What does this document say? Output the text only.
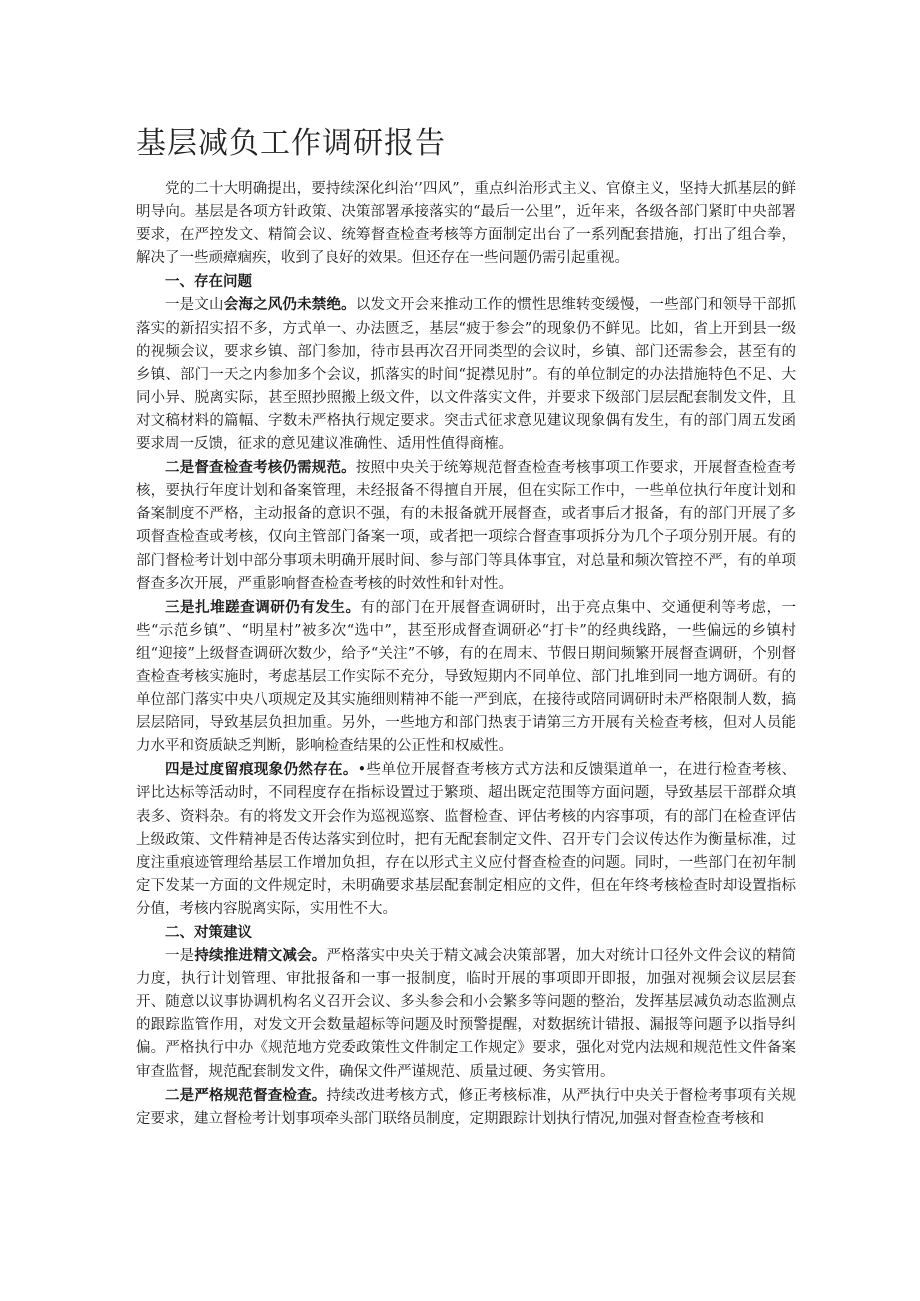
基层减负工作调研报告

党的二十大明确提出，要持续深化纠治‘’四风”，重点纠治形式主义、官僚主义，坚持大抓基层的鲜明导向。基层是各项方针政策、决策部署承接落实的“最后一公里”，近年来，各级各部门紧盯中央部署要求，在严控发文、精简会议、统筹督查检查考核等方面制定出台了一系列配套措施，打出了组合拳，解决了一些顽瘴痼疾，收到了良好的效果。但还存在一些问题仍需引起重视。

一、存在问题

一是文山会海之风仍未禁绝。以发文开会来推动工作的惯性思维转变缓慢，一些部门和领导干部抓落实的新招实招不多，方式单一、办法匮乏，基层“疲于参会”的现象仍不鲜见。比如，省上开到县一级的视频会议，要求乡镇、部门参加，待市县再次召开同类型的会议时，乡镇、部门还需参会，甚至有的乡镇、部门一天之内参加多个会议，抓落实的时间“捉襟见肘”。有的单位制定的办法措施特色不足、大同小异、脱离实际，甚至照抄照搬上级文件，以文件落实文件，并要求下级部门层层配套制发文件，且对文稿材料的篇幅、字数未严格执行规定要求。突击式征求意见建议现象偶有发生，有的部门周五发函要求周一反馈，征求的意见建议准确性、适用性值得商榷。

二是督查检查考核仍需规范。按照中央关于统筹规范督查检查考核事项工作要求，开展督查检查考核，要执行年度计划和备案管理，未经报备不得擅自开展，但在实际工作中，一些单位执行年度计划和备案制度不严格，主动报备的意识不强，有的未报备就开展督查，或者事后才报备，有的部门开展了多项督查检查或考核，仅向主管部门备案一项，或者把一项综合督查事项拆分为几个子项分别开展。有的部门督检考计划中部分事项未明确开展时间、参与部门等具体事宜，对总量和频次管控不严，有的单项督查多次开展，严重影响督查检查考核的时效性和针对性。

三是扎堆蹉查调研仍有发生。有的部门在开展督查调研时，出于亮点集中、交通便利等考虑，一些“示范乡镇”、“明星村”被多次“选中”，甚至形成督查调研必“打卡”的经典线路，一些偏远的乡镇村组“迎接”上级督查调研次数少，给予“关注”不够，有的在周末、节假日期间频繁开展督查调研，个别督查检查考核实施时，考虑基层工作实际不充分，导致短期内不同单位、部门扎堆到同一地方调研。有的单位部门落实中央八项规定及其实施细则精神不能一严到底，在接待或陪同调研时未严格限制人数，搞层层陪同，导致基层负担加重。另外，一些地方和部门热衷于请第三方开展有关检查考核，但对人员能力水平和资质缺乏判断，影响检查结果的公正性和权威性。

四是过度留痕现象仍然存在。•些单位开展督查考核方式方法和反馈渠道单一，在进行检查考核、评比达标等活动时，不同程度存在指标设置过于繁琐、超出既定范围等方面问题，导致基层干部群众填表多、资料杂。有的将发文开会作为巡视巡察、监督检查、评估考核的内容事项，有的部门在检查评估上级政策、文件精神是否传达落实到位时，把有无配套制定文件、召开专门会议传达作为衡量标准，过度注重痕迹管理给基层工作增加负担，存在以形式主义应付督查检查的问题。同时，一些部门在初年制定下发某一方面的文件规定时，未明确要求基层配套制定相应的文件，但在年终考核检查时却设置指标分值，考核内容脱离实际，实用性不大。

二、对策建议

一是持续推进精文减会。严格落实中央关于精文减会决策部署，加大对统计口径外文件会议的精简力度，执行计划管理、审批报备和一事一报制度，临时开展的事项即开即报，加强对视频会议层层套开、随意以议事协调机构名义召开会议、多头参会和小会繁多等问题的整治，发挥基层减负动态监测点的跟踪监管作用，对发文开会数量超标等问题及时预警提醒，对数据统计错报、漏报等问题予以指导纠偏。严格执行中办《规范地方党委政策性文件制定工作规定》要求，强化对党内法规和规范性文件备案审查监督，规范配套制发文件，确保文件严谨规范、质量过硬、务实管用。

二是严格规范督查检查。持续改进考核方式，修正考核标准，从严执行中央关于督检考事项有关规定要求，建立督检考计划事项牵头部门联络员制度，定期跟踪计划执行情况,加强对督查检查考核和
